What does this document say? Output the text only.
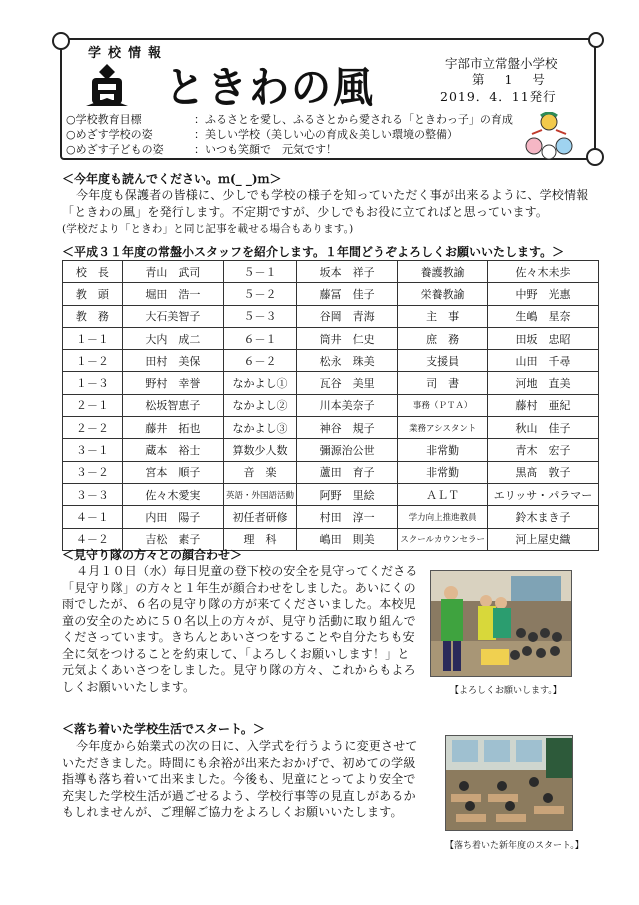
学校情報
ときわの風
宇部市立常盤小学校
第 1 号
2019．4．11発行
○学校教育目標	：ふるさとを愛し、ふるさとから愛される「ときわっ子」の育成
○めざす学校の姿	：美しい学校（美しい心の育成＆美しい環境の整備）
○めざす子どもの姿	：いつも笑顔で　元気です！
＜今年度も読んでください。ｍ(_ _)ｍ＞
今年度も保護者の皆様に、少しでも学校の様子を知っていただく事が出来るように、学校情報「ときわの風」を発行します。不定期ですが、少しでもお役に立てればと思っています。
(学校だより「ときわ」と同じ記事を載せる場合もあります。)
＜平成３１年度の常盤小スタッフを紹介します。１年間どうぞよろしくお願いいたします。＞
校　長	青山　武司	５－１	坂本　祥子	養護教諭	佐々木未歩
教　頭	堀田　浩一	５－２	藤冨　佳子	栄養教諭	中野　光惠
教　務	大石美智子	５－３	谷岡　青海	主　事	生嶋　星奈
１－１	大内　成二	６－１	筒井　仁史	庶　務	田坂　忠昭
１－２	田村　美保	６－２	松永　珠美	支援員	山田　千尋
１－３	野村　幸誉	なかよし①	瓦谷　美里	司　書	河地　直美
２－１	松坂智恵子	なかよし②	川本美奈子	事務（ＰＴＡ）	藤村　亜紀
２－２	藤井　拓也	なかよし③	神谷　規子	業務アシスタント	秋山　佳子
３－１	蔵本　裕士	算数少人数	彌源治公世	非常勤	青木　宏子
３－２	宮本　順子	音　楽	蘆田　育子	非常勤	黒髙　敦子
３－３	佐々木愛実	英語・外国語活動	阿野　里絵	ＡＬＴ	エリッサ・パラマー
４－１	内田　陽子	初任者研修	村田　淳一	学力向上推進教員	鈴木まき子
４－２	吉松　素子	理　科	嶋田　則美	スクールカウンセラー	河上屋史織
＜見守り隊の方々との顔合わせ＞
４月１０日（水）毎日児童の登下校の安全を見守ってくださる「見守り隊」の方々と１年生が顔合わせをしました。あいにくの雨でしたが、６名の見守り隊の方が来てくださいました。本校児童の安全のために５０名以上の方々が、見守り活動に取り組んでくださっています。きちんとあいさつをすることや自分たちも安全に気をつけることを約束して、「よろしくお願いします！」と元気よくあいさつをしました。見守り隊の方々、これからもよろしくお願いいたします。	【よろしくお願いします。】
＜落ち着いた学校生活でスタート。＞
今年度から始業式の次の日に、入学式を行うように変更させていただきました。時間にも余裕が出来たおかげで、初めての学級指導も落ち着いて出来ました。今後も、児童にとってより安全で充実した学校生活が過ごせるよう、学校行事等の見直しがあるかもしれませんが、ご理解ご協力をよろしくお願いいたします。
【落ち着いた新年度のスタート。】
